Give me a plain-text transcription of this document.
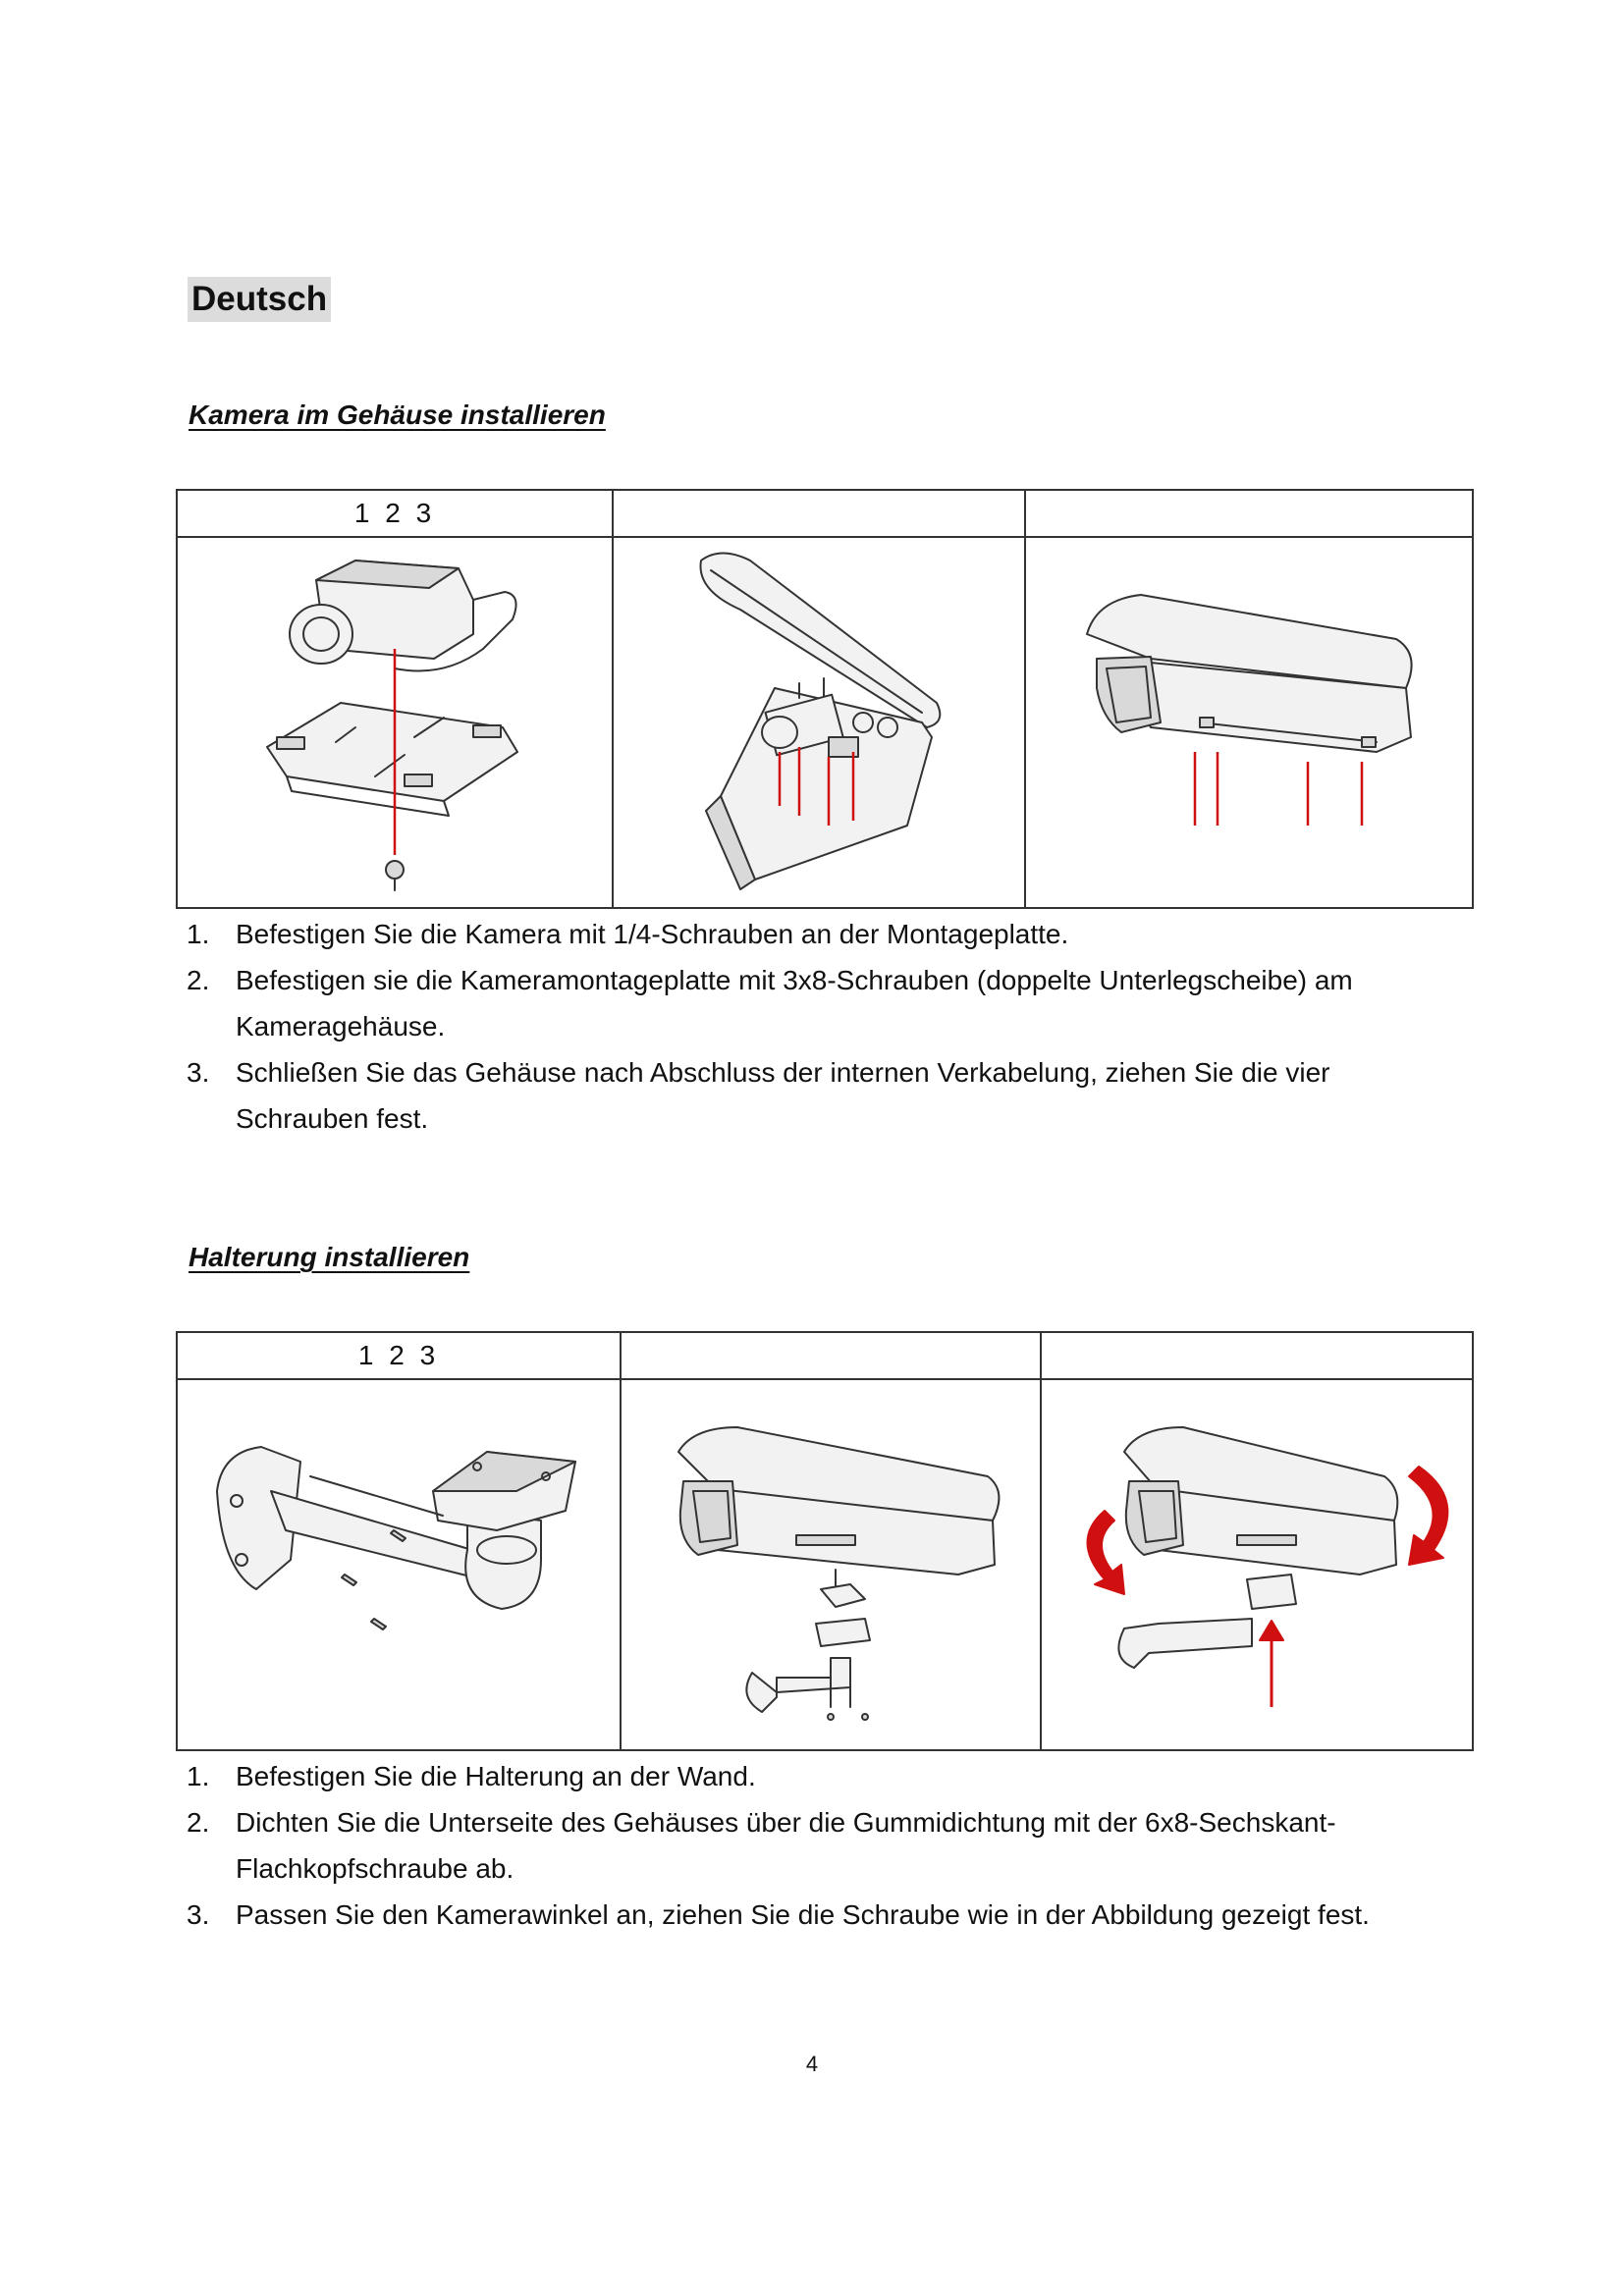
Deutsch
Kamera im Gehäuse installieren
1 2 3		

1. Befestigen Sie die Kamera mit 1/4-Schrauben an der Montageplatte.
2. Befestigen sie die Kameramontageplatte mit 3x8-Schrauben (doppelte Unterlegscheibe) am Kameragehäuse.
3. Schließen Sie das Gehäuse nach Abschluss der internen Verkabelung, ziehen Sie die vier Schrauben fest.
Halterung installieren
1 2 3		

1. Befestigen Sie die Halterung an der Wand.
2. Dichten Sie die Unterseite des Gehäuses über die Gummidichtung mit der 6x8-Sechskant-Flachkopfschraube ab.
3. Passen Sie den Kamerawinkel an, ziehen Sie die Schraube wie in der Abbildung gezeigt fest.
4
